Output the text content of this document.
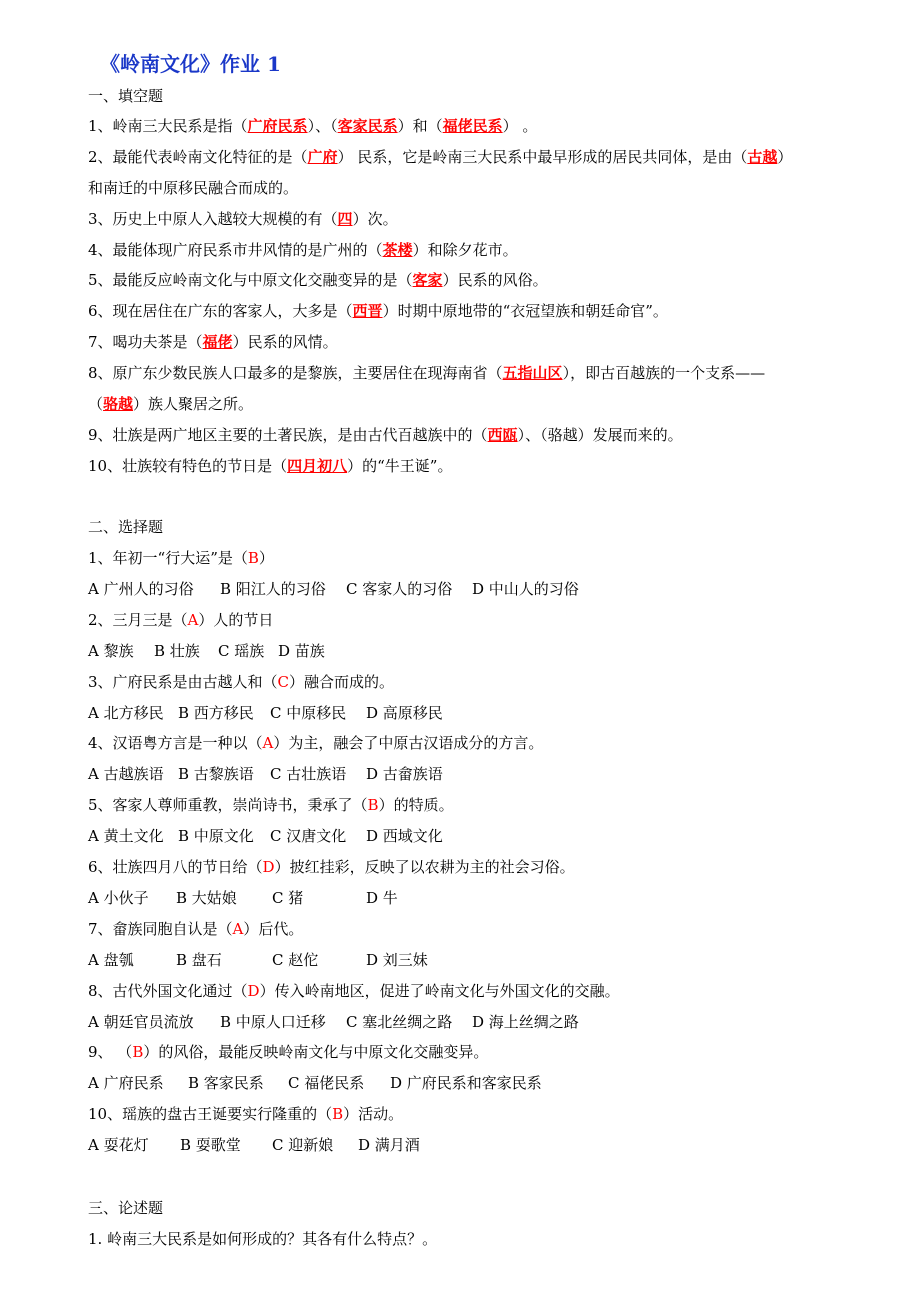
《岭南文化》作业 1
一、填空题
1、岭南三大民系是指（广府民系）、（客家民系）和（福佬民系） 。
2、最能代表岭南文化特征的是（广府） 民系，它是岭南三大民系中最早形成的居民共同体，是由（古越）
和南迁的中原移民融合而成的。
3、历史上中原人入越较大规模的有（四）次。
4、最能体现广府民系市井风情的是广州的（茶楼）和除夕花市。
5、最能反应岭南文化与中原文化交融变异的是（客家）民系的风俗。
6、现在居住在广东的客家人，大多是（西晋）时期中原地带的“衣冠望族和朝廷命官”。
7、喝功夫茶是（福佬）民系的风情。
8、原广东少数民族人口最多的是黎族，主要居住在现海南省（五指山区），即古百越族的一个支系——
（骆越）族人聚居之所。
9、壮族是两广地区主要的土著民族，是由古代百越族中的（西瓯）、（骆越）发展而来的。
10、壮族较有特色的节日是（四月初八）的“牛王诞”。
二、选择题
1、年初一“行大运”是（B）
A 广州人的习俗 B 阳江人的习俗 C 客家人的习俗 D 中山人的习俗
2、三月三是（A）人的节日
A 黎族 B 壮族 C 瑶族 D 苗族
3、广府民系是由古越人和（C）融合而成的。
A 北方移民 B 西方移民 C 中原移民 D 高原移民
4、汉语粤方言是一种以（A）为主，融会了中原古汉语成分的方言。
A 古越族语 B 古黎族语 C 古壮族语 D 古畲族语
5、客家人尊师重教，崇尚诗书，秉承了（B）的特质。
A 黄土文化 B 中原文化 C 汉唐文化 D 西域文化
6、壮族四月八的节日给（D）披红挂彩，反映了以农耕为主的社会习俗。
A 小伙子 B 大姑娘 C 猪	D 牛
7、畲族同胞自认是（A）后代。
A 盘瓠	B 盘石	C 赵佗	D 刘三妹
8、古代外国文化通过（D）传入岭南地区，促进了岭南文化与外国文化的交融。
A 朝廷官员流放 B 中原人口迁移 C 塞北丝绸之路 D 海上丝绸之路
9、 （B）的风俗，最能反映岭南文化与中原文化交融变异。
A 广府民系 B 客家民系 C 福佬民系 D 广府民系和客家民系
10、瑶族的盘古王诞要实行隆重的（B）活动。
A 耍花灯 B 耍歌堂 C 迎新娘 D 满月酒
三、论述题
1. 岭南三大民系是如何形成的？其各有什么特点？。
